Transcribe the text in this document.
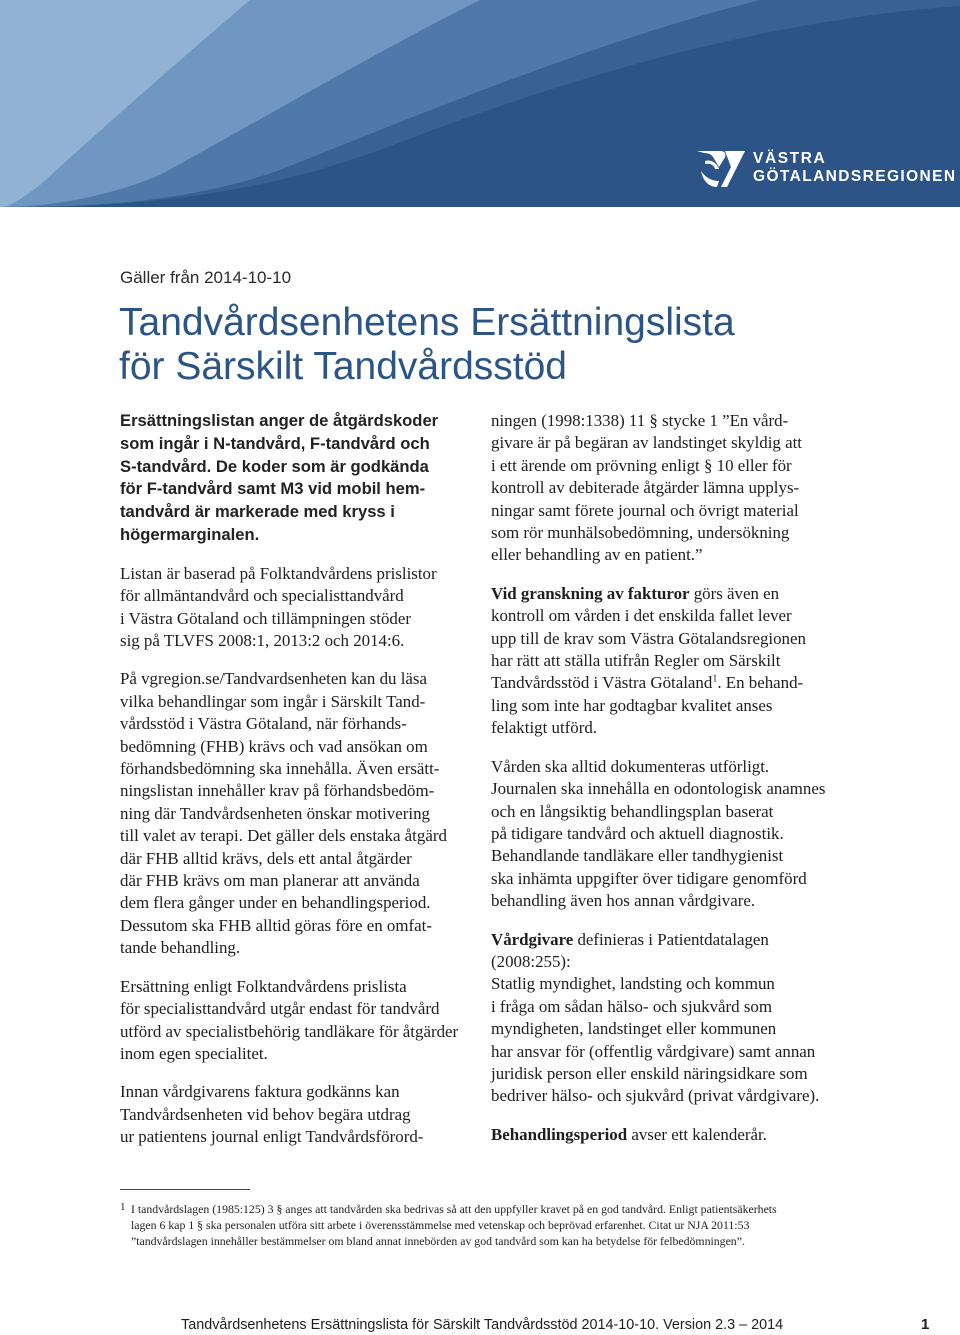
VÄSTRA
GÖTALANDSREGIONEN
Gäller från 2014-10-10
Tandvårdsenhetens Ersättningslista
för Särskilt Tandvårdsstöd
Ersättningslistan anger de åtgärdskoder
som ingår i N-tandvård, F-tandvård och
S-tandvård. De koder som är godkända
för F-tandvård samt M3 vid mobil hem-
tandvård är markerade med kryss i
högermarginalen.
Listan är baserad på Folktandvårdens prislistor
för allmäntandvård och specialisttandvård
i Västra Götaland och tillämpningen stöder
sig på TLVFS 2008:1, 2013:2 och 2014:6.
På vgregion.se/Tandvardsenheten kan du läsa
vilka behandlingar som ingår i Särskilt Tand-
vårdsstöd i Västra Götaland, när förhands-
bedömning (FHB) krävs och vad ansökan om
förhandsbedömning ska innehålla. Även ersätt-
ningslistan innehåller krav på förhandsbedöm-
ning där Tandvårdsenheten önskar motivering
till valet av terapi. Det gäller dels enstaka åtgärd
där FHB alltid krävs, dels ett antal åtgärder
där FHB krävs om man planerar att använda
dem flera gånger under en behandlingsperiod.
Dessutom ska FHB alltid göras före en omfat-
tande behandling.
Ersättning enligt Folktandvårdens prislista
för specialisttandvård utgår endast för tandvård
utförd av specialistbehörig tandläkare för åtgärder
inom egen specialitet.
Innan vårdgivarens faktura godkänns kan
Tandvårdsenheten vid behov begära utdrag
ur patientens journal enligt Tandvårdsförord-
ningen (1998:1338) 11 § stycke 1 ”En vård-
givare är på begäran av landstinget skyldig att
i ett ärende om prövning enligt § 10 eller för
kontroll av debiterade åtgärder lämna upplys-
ningar samt förete journal och övrigt material
som rör munhälsobedömning, undersökning
eller behandling av en patient.”
Vid granskning av fakturor görs även en
kontroll om vården i det enskilda fallet lever
upp till de krav som Västra Götalandsregionen
har rätt att ställa utifrån Regler om Särskilt
Tandvårdsstöd i Västra Götaland$^1$. En behand-
ling som inte har godtagbar kvalitet anses
felaktigt utförd.
Vården ska alltid dokumenteras utförligt.
Journalen ska innehålla en odontologisk anamnes
och en långsiktig behandlingsplan baserat
på tidigare tandvård och aktuell diagnostik.
Behandlande tandläkare eller tandhygienist
ska inhämta uppgifter över tidigare genomförd
behandling även hos annan vårdgivare.
Vårdgivare definieras i Patientdatalagen
(2008:255):
Statlig myndighet, landsting och kommun
i fråga om sådan hälso- och sjukvård som
myndigheten, landstinget eller kommunen
har ansvar för (offentlig vårdgivare) samt annan
juridisk person eller enskild näringsidkare som
bedriver hälso- och sjukvård (privat vårdgivare).
Behandlingsperiod avser ett kalenderår.
1 I tandvårdslagen (1985:125) 3 § anges att tandvården ska bedrivas så att den uppfyller kravet på en god tandvård. Enligt patientsäkerhets
lagen 6 kap 1 § ska personalen utföra sitt arbete i överensstämmelse med vetenskap och beprövad erfarenhet. Citat ur NJA 2011:53
”tandvårdslagen innehåller bestämmelser om bland annat innebörden av god tandvård som kan ha betydelse för felbedömningen”.
Tandvårdsenhetens Ersättningslista för Särskilt Tandvårdsstöd 2014-10-10. Version 2.3 – 2014	1
